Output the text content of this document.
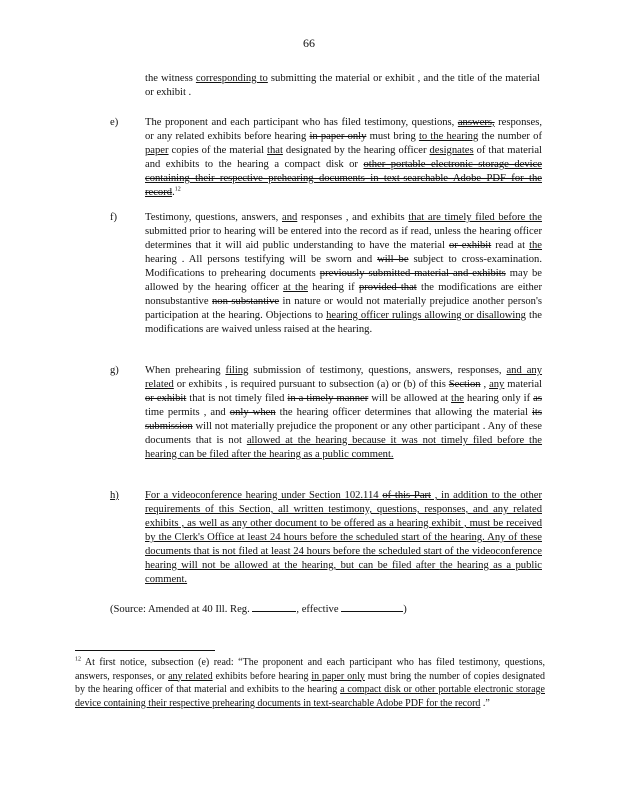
66
the witness corresponding to submitting the material or exhibit , and the title of the material or exhibit .
e)	The proponent and each participant who has filed testimony, questions, answers, responses, or any related exhibits before hearing in paper only must bring to the hearing the number of paper copies of the material that designated by the hearing officer designates of that material and exhibits to the hearing a compact disk or other portable electronic storage device containing their respective prehearing documents in text-searchable Adobe PDF for the record.$^{12}$
f)	Testimony, questions, answers, and responses , and exhibits that are timely filed before the submitted prior to hearing will be entered into the record as if read, unless the hearing officer determines that it will aid public understanding to have the material or exhibit read at the hearing . All persons testifying will be sworn and will be subject to cross-examination. Modifications to prehearing documents previously submitted material and exhibits may be allowed by the hearing officer at the hearing if provided that the modifications are either nonsubstantive non-substantive in nature or would not materially prejudice another person's participation at the hearing. Objections to hearing officer rulings allowing or disallowing the modifications are waived unless raised at the hearing.
g)	When prehearing filing submission of testimony, questions, answers, responses, and any related or exhibits , is required pursuant to subsection (a) or (b) of this Section , any material or exhibit that is not timely filed in a timely manner will be allowed at the hearing only if as time permits , and only when the hearing officer determines that allowing the material its submission will not materially prejudice the proponent or any other participant . Any of these documents that is not allowed at the hearing because it was not timely filed before the hearing can be filed after the hearing as a public comment.
h)	For a videoconference hearing under Section 102.114 of this Part , in addition to the other requirements of this Section, all written testimony, questions, responses, and any related exhibits , as well as any other document to be offered as a hearing exhibit , must be received by the Clerk's Office at least 24 hours before the scheduled start of the hearing. Any of these documents that is not filed at least 24 hours before the scheduled start of the videoconference hearing will not be allowed at the hearing, but can be filed after the hearing as a public comment.
(Source: Amended at 40 Ill. Reg.	, effective	)
$^{12}$ At first notice, subsection (e) read: “The proponent and each participant who has filed testimony, questions, answers, responses, or any related exhibits before hearing in paper only must bring the number of copies designated by the hearing officer of that material and exhibits to the hearing a compact disk or other portable electronic storage device containing their respective prehearing documents in text-searchable Adobe PDF for the record .”
